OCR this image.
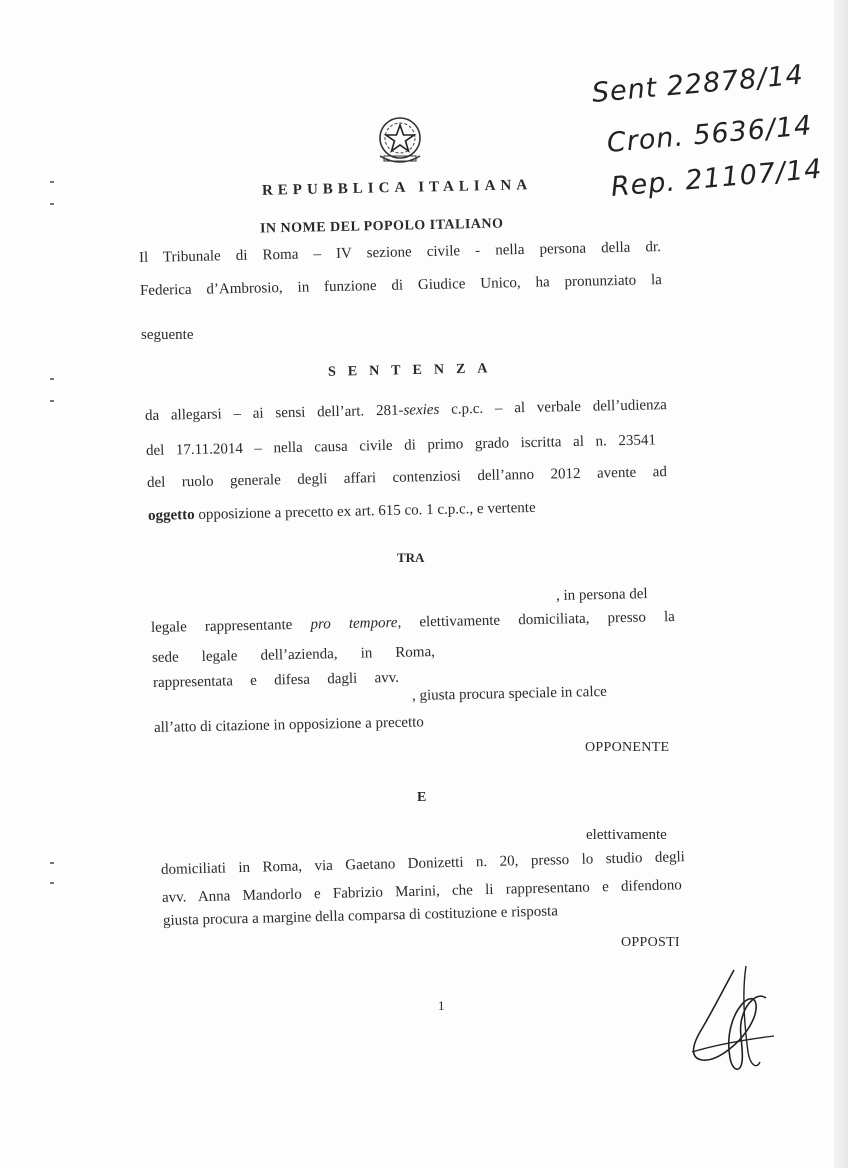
Sent 22878/14
Cron. 5636/14
Rep. 21107/14
REPUBBLICA ITALIANA
IN NOME DEL POPOLO ITALIANO
Il Tribunale di Roma – IV sezione civile - nella persona della dr.
Federica d’Ambrosio, in funzione di Giudice Unico, ha pronunziato la
seguente
SENTENZA
da allegarsi – ai sensi dell’art. 281-sexies c.p.c. – al verbale dell’udienza
del 17.11.2014 – nella causa civile di primo grado iscritta al n. 23541
del ruolo generale degli affari contenziosi dell’anno 2012 avente ad
oggetto opposizione a precetto ex art. 615 co. 1 c.p.c., e vertente
TRA
, in persona del
legale rappresentante pro tempore, elettivamente domiciliata, presso la
sede legale dell’azienda, in Roma,
rappresentata e difesa dagli avv.
, giusta procura speciale in calce
all’atto di citazione in opposizione a precetto
OPPONENTE
E
elettivamente
domiciliati in Roma, via Gaetano Donizetti n. 20, presso lo studio degli
avv. Anna Mandorlo e Fabrizio Marini, che li rappresentano e difendono
giusta procura a margine della comparsa di costituzione e risposta
OPPOSTI
1
